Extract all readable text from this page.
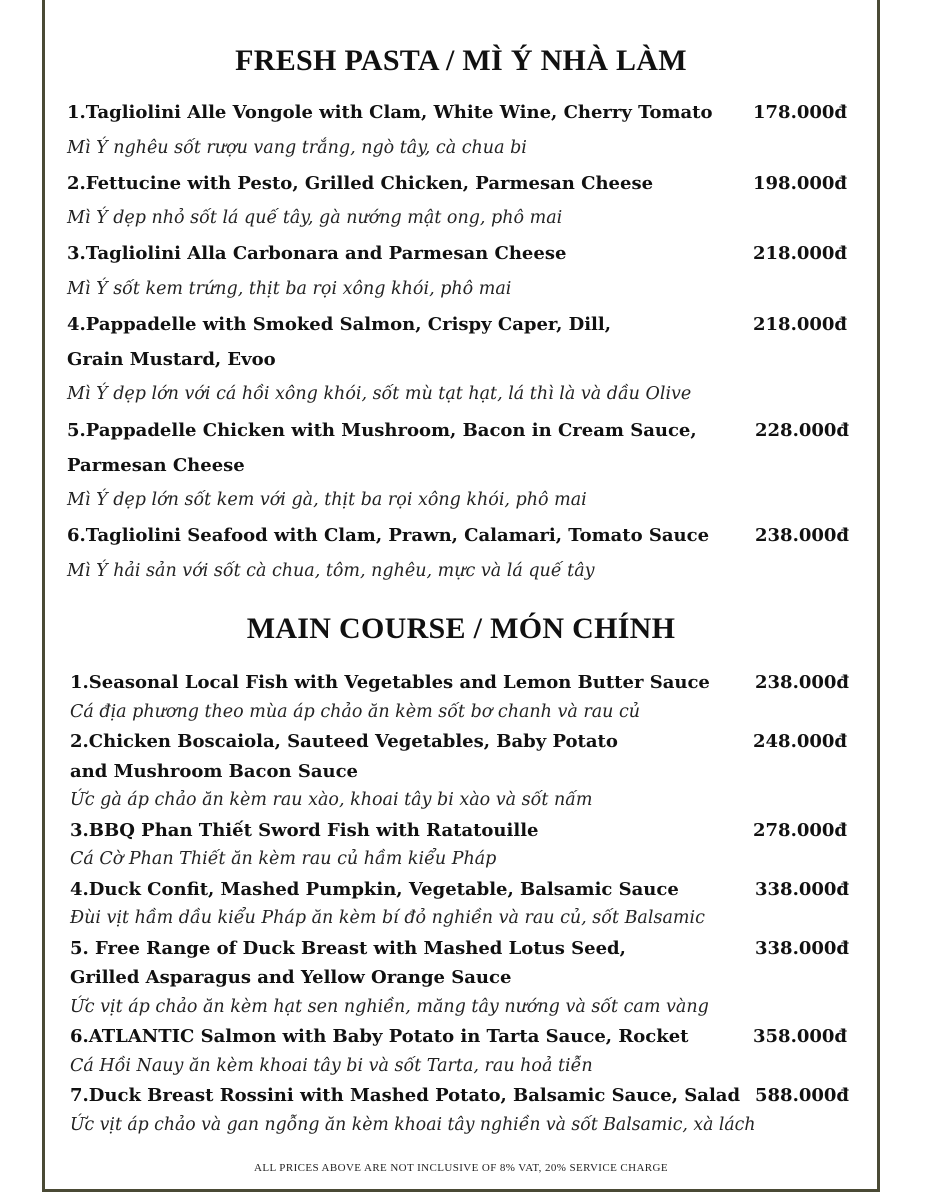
FRESH PASTA / MÌ Ý NHÀ LÀM
1.Tagliolini Alle Vongole with Clam, White Wine, Cherry Tomato 178.000đ
Mì Ý nghêu sốt rượu vang trắng, ngò tây, cà chua bi
2.Fettucine with Pesto, Grilled Chicken, Parmesan Cheese	198.000đ
Mì Ý dẹp nhỏ sốt lá quế tây, gà nướng mật ong, phô mai
3.Tagliolini Alla Carbonara and Parmesan Cheese	218.000đ
Mì Ý sốt kem trứng, thịt ba rọi xông khói, phô mai
4.Pappadelle with Smoked Salmon, Crispy Caper, Dill,	218.000đ
Grain Mustard, Evoo
Mì Ý dẹp lớn với cá hồi xông khói, sốt mù tạt hạt, lá thì là và dầu Olive
5.Pappadelle Chicken with Mushroom, Bacon in Cream Sauce,	228.000đ
Parmesan Cheese
Mì Ý dẹp lớn sốt kem với gà, thịt ba rọi xông khói, phô mai
6.Tagliolini Seafood with Clam, Prawn, Calamari, Tomato Sauce	238.000đ
Mì Ý hải sản với sốt cà chua, tôm, nghêu, mực và lá quế tây
MAIN COURSE / MÓN CHÍNH
1.Seasonal Local Fish with Vegetables and Lemon Butter Sauce	238.000đ
Cá địa phương theo mùa áp chảo ăn kèm sốt bơ chanh và rau củ
2.Chicken Boscaiola, Sauteed Vegetables, Baby Potato	248.000đ
and Mushroom Bacon Sauce
Ức gà áp chảo ăn kèm rau xào, khoai tây bi xào và sốt nấm
3.BBQ Phan Thiết Sword Fish with Ratatouille	278.000đ
Cá Cờ Phan Thiết ăn kèm rau củ hầm kiểu Pháp
4.Duck Confit, Mashed Pumpkin, Vegetable, Balsamic Sauce	338.000đ
Đùi vịt hầm dầu kiểu Pháp ăn kèm bí đỏ nghiền và rau củ, sốt Balsamic
5. Free Range of Duck Breast with Mashed Lotus Seed,	338.000đ
Grilled Asparagus and Yellow Orange Sauce
Ức vịt áp chảo ăn kèm hạt sen nghiền, măng tây nướng và sốt cam vàng
6.ATLANTIC Salmon with Baby Potato in Tarta Sauce, Rocket	358.000đ
Cá Hồi Nauy ăn kèm khoai tây bi và sốt Tarta, rau hoả tiễn
7.Duck Breast Rossini with Mashed Potato, Balsamic Sauce, Salad 588.000đ
Ức vịt áp chảo và gan ngỗng ăn kèm khoai tây nghiền và sốt Balsamic, xà lách
ALL PRICES ABOVE ARE NOT INCLUSIVE OF 8% VAT, 20% SERVICE CHARGE
